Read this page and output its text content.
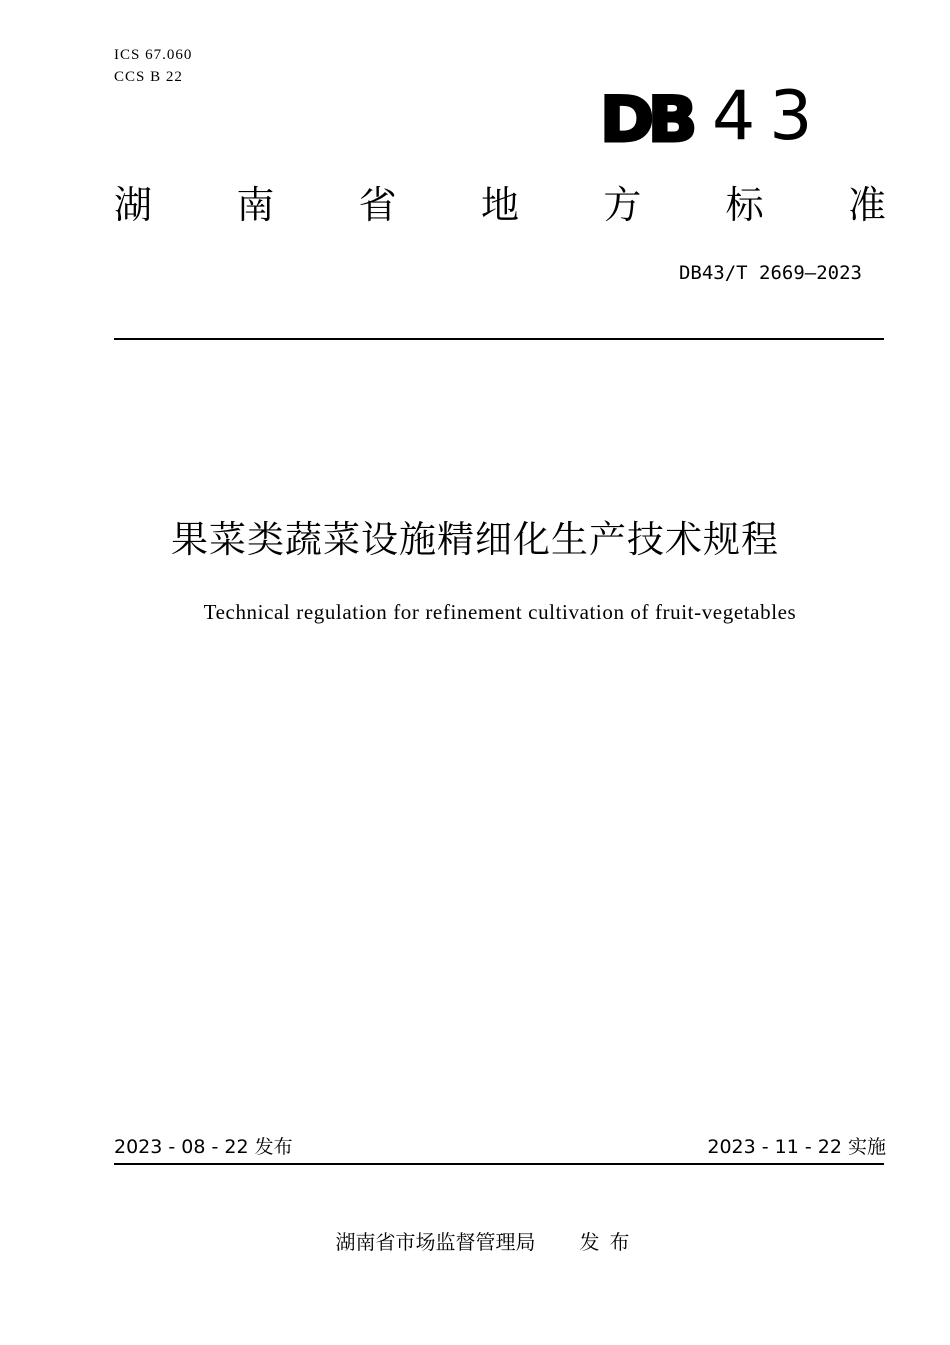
ICS 67.060
CCS B 22
DB 43
湖 南 省 地 方 标 准
DB43/T 2669—2023
果菜类蔬菜设施精细化生产技术规程
Technical regulation for refinement cultivation of fruit-vegetables
2023 - 08 - 22 发布	2023 - 11 - 22 实施
湖南省市场监督管理局 发布
